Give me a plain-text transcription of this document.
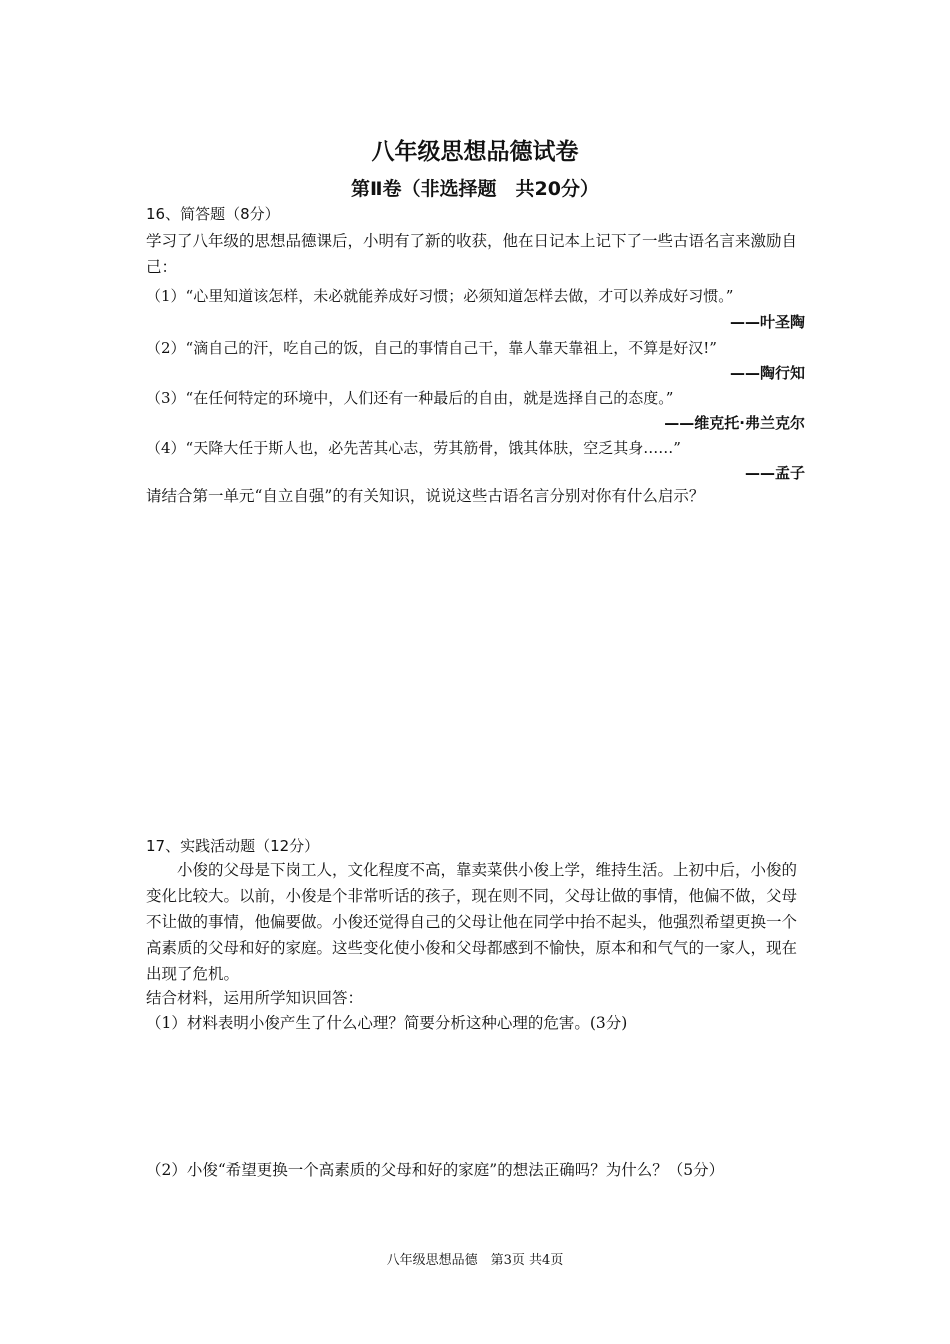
八年级思想品德试卷
第Ⅱ卷（非选择题　共20分）
16、简答题（8分）
学习了八年级的思想品德课后，小明有了新的收获，他在日记本上记下了一些古语名言来激励自己：
（1）“心里知道该怎样，未必就能养成好习惯；必须知道怎样去做，才可以养成好习惯。”
——叶圣陶
（2）“滴自己的汗，吃自己的饭，自己的事情自己干，靠人靠天靠祖上，不算是好汉!”
——陶行知
（3）“在任何特定的环境中，人们还有一种最后的自由，就是选择自己的态度。”
——维克托·弗兰克尔
（4）“天降大任于斯人也，必先苦其心志，劳其筋骨，饿其体肤，空乏其身……”
——孟子
请结合第一单元“自立自强”的有关知识，说说这些古语名言分别对你有什么启示？
17、实践活动题（12分）
小俊的父母是下岗工人，文化程度不高，靠卖菜供小俊上学，维持生活。上初中后，小俊的变化比较大。以前，小俊是个非常听话的孩子，现在则不同，父母让做的事情，他偏不做，父母不让做的事情，他偏要做。小俊还觉得自己的父母让他在同学中抬不起头，他强烈希望更换一个高素质的父母和好的家庭。这些变化使小俊和父母都感到不愉快，原本和和气气的一家人，现在出现了危机。
结合材料，运用所学知识回答：
（1）材料表明小俊产生了什么心理？简要分析这种心理的危害。(3分)
（2）小俊“希望更换一个高素质的父母和好的家庭”的想法正确吗？为什么？（5分）
八年级思想品德　第3页 共4页
